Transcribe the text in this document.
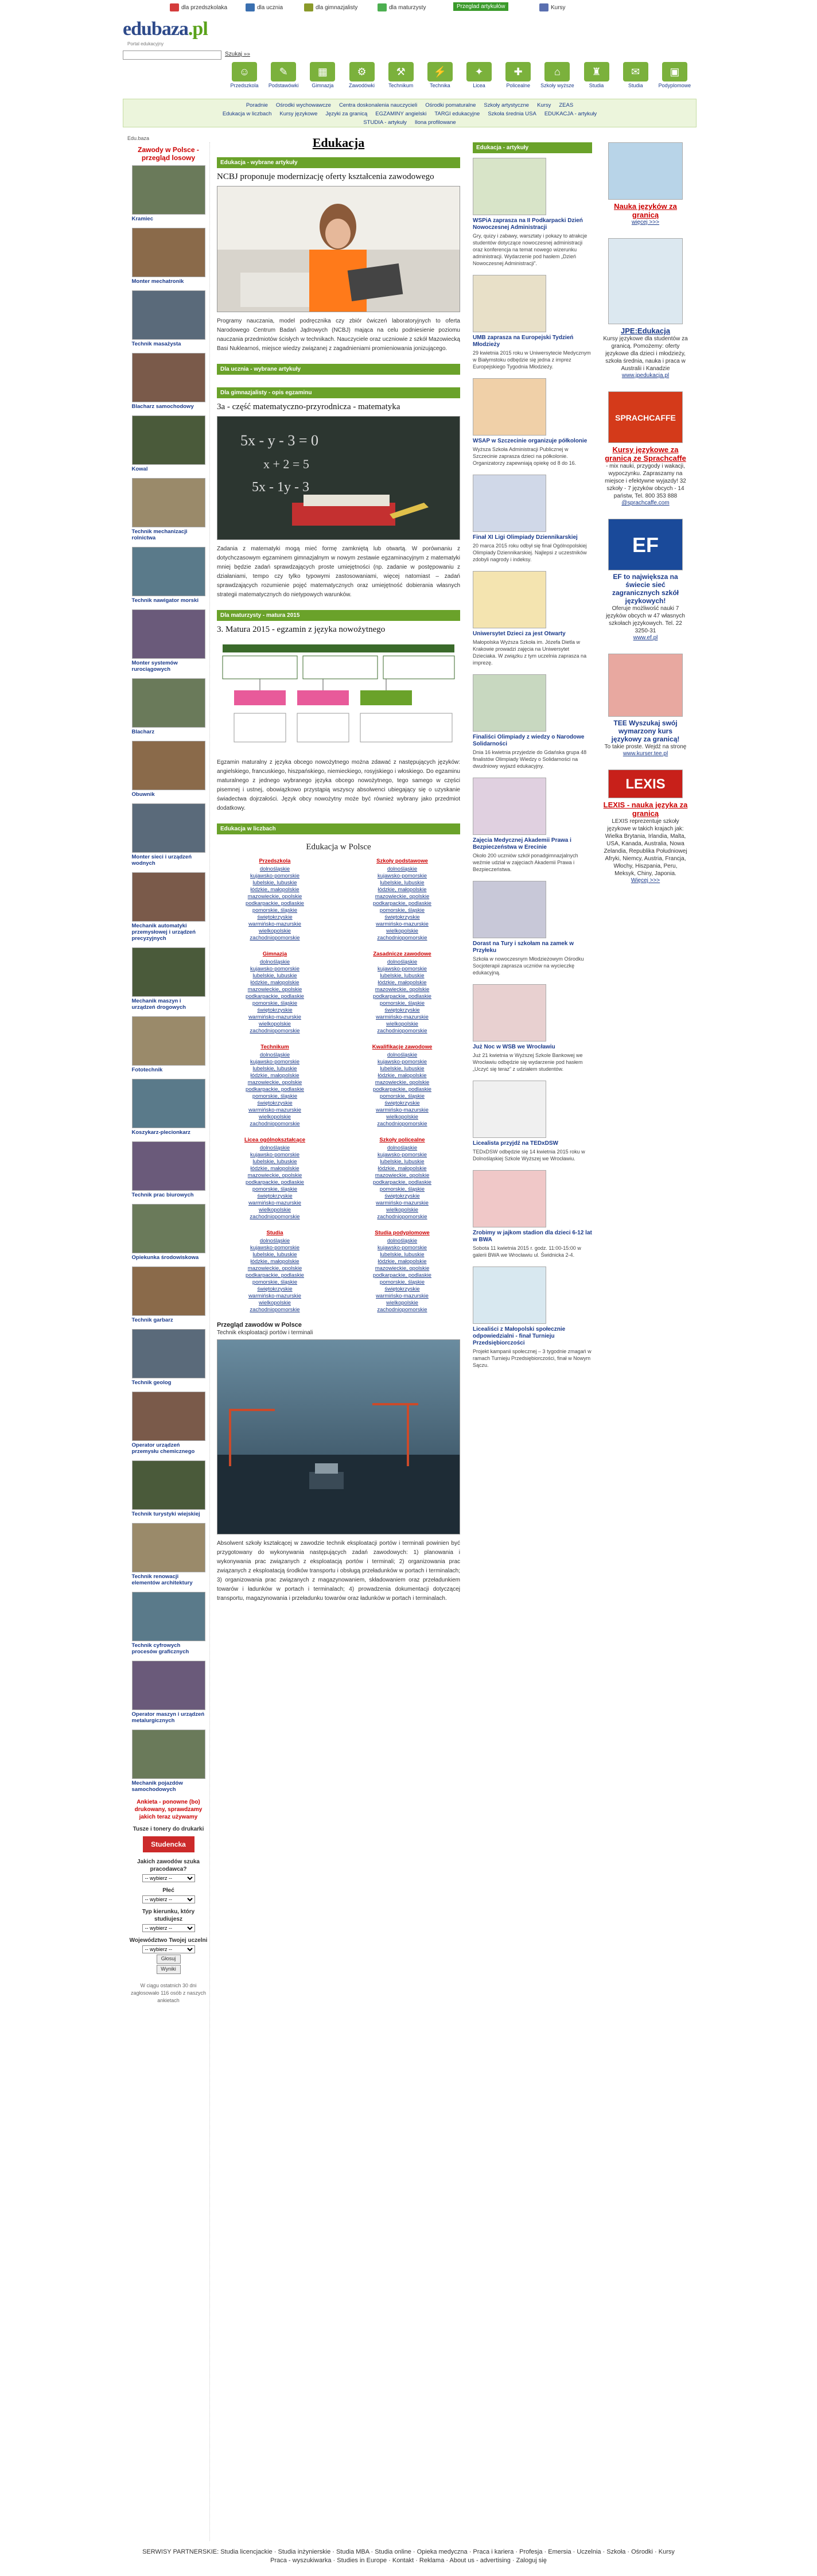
dla przedszkolaka	dla ucznia	dla gimnazjalisty	dla maturzysty	Przeglad artykułów	Kursy
edubaza.pl
Portal edukacyjny
Szukaj »»
☺
Przedszkola
✎
Podstawówki
▦
Gimnazja
⚙
Zawodówki
⚒
Technikum
⚡
Technika
✦
Licea
✚
Policealne
⌂
Szkoły wyższe
♜
Studia
✉
Studia
▣
Podyplomowe
Poradnie Ośrodki wychowawcze Centra doskonalenia nauczycieli Ośrodki pomaturalne Szkoły artystyczne Kursy ZEAS
Edukacja w liczbach Kursy językowe Języki za granicą EGZAMINY angielski TARGI edukacyjne Szkoła średnia USA EDUKACJA - artykuły
STUDIA - artykuły Ilona profilowane
Edu.baza
Zawody w Polsce - przegląd losowy
Kramiec
Monter mechatronik
Technik masażysta
Blacharz samochodowy
Kowal
Technik mechanizacji rolnictwa
Technik nawigator morski
Monter systemów rurociągowych
Blacharz
Obuwnik
Monter sieci i urządzeń wodnych
Mechanik automatyki przemysłowej i urządzeń precyzyjnych
Mechanik maszyn i urządzeń drogowych
Fototechnik
Koszykarz-plecionkarz
Technik prac biurowych
Opiekunka środowiskowa
Technik garbarz
Technik geolog
Operator urządzeń przemysłu chemicznego
Technik turystyki wiejskiej
Technik renowacji elementów architektury
Technik cyfrowych procesów graficznych
Operator maszyn i urządzeń metalurgicznych
Mechanik pojazdów samochodowych
Ankieta - ponowne (bo) drukowany, sprawdzamy jakich teraz używamy
Tusze i tonery do drukarki
Studencka
Jakich zawodów szuka pracodawca?
-- wybierz --
Płeć
-- wybierz --
Typ kierunku, który studiujesz
-- wybierz --
Województwo Twojej uczelni
-- wybierz --
Głosuj
Wyniki
W ciągu ostatnich 30 dni zagłosowało 116 osób z naszych ankietach
Edukacja
Edukacja - wybrane artykuły
NCBJ proponuje modernizację oferty kształcenia zawodowego
Programy nauczania, model podręcznika czy zbiór ćwiczeń laboratoryjnych to oferta Narodowego Centrum Badań Jądrowych (NCBJ) mająca na celu podniesienie poziomu nauczania przedmiotów ścisłych w technikach. Nauczyciele oraz uczniowie z szkół Mazowiecką Basi Nuklearnoś, miejsce wiedzy związanej z zagadnieniami promieniowania jonizującego.
Dla ucznia - wybrane artykuły
Dla gimnazjalisty - opis egzaminu
3a - część matematyczno-przyrodnicza - matematyka
5x - y - 3 = 0
x + 2 = 5
5x - 1y - 3
Zadania z matematyki mogą mieć formę zamkniętą lub otwartą. W porównaniu z dotychczasowym egzaminem gimnazjalnym w nowym zestawie egzaminacyjnym z matematyki mniej będzie zadań sprawdzających proste umiejętności (np. zadanie w postępowaniu z działaniami, tempo czy tylko typowymi zastosowaniami, więcej natomiast – zadań sprawdzających rozumienie pojęć matematycznych oraz umiejętność dobierania własnych strategii matematycznych do nietypowych warunków.
Dla maturzysty - matura 2015
3. Matura 2015 - egzamin z języka nowożytnego
Egzamin maturalny z języka obcego nowożytnego można zdawać z następujących języków: angielskiego, francuskiego, hiszpańskiego, niemieckiego, rosyjskiego i włoskiego. Do egzaminu maturalnego z jednego wybranego języka obcego nowożytnego, tego samego w części pisemnej i ustnej, obowiązkowo przystąpią wszyscy absolwenci ubiegający się o uzyskanie świadectwa dojrzałości. Język obcy nowożytny może być również wybrany jako przedmiot dodatkowy.
Edukacja w liczbach
Edukacja w Polsce
Przedszkola
dolnośląskie
kujawsko-pomorskie
lubelskie, lubuskie
łódzkie, małopolskie
mazowieckie, opolskie
podkarpackie, podlaskie
pomorskie, śląskie
świętokrzyskie
warmińsko-mazurskie
wielkopolskie
zachodniopomorskie
Szkoły podstawowe
dolnośląskie
kujawsko-pomorskie
lubelskie, lubuskie
łódzkie, małopolskie
mazowieckie, opolskie
podkarpackie, podlaskie
pomorskie, śląskie
świętokrzyskie
warmińsko-mazurskie
wielkopolskie
zachodniopomorskie
Gimnazja
dolnośląskie
kujawsko-pomorskie
lubelskie, lubuskie
łódzkie, małopolskie
mazowieckie, opolskie
podkarpackie, podlaskie
pomorskie, śląskie
świętokrzyskie
warmińsko-mazurskie
wielkopolskie
zachodniopomorskie
Zasadnicze zawodowe
dolnośląskie
kujawsko-pomorskie
lubelskie, lubuskie
łódzkie, małopolskie
mazowieckie, opolskie
podkarpackie, podlaskie
pomorskie, śląskie
świętokrzyskie
warmińsko-mazurskie
wielkopolskie
zachodniopomorskie
Technikum
dolnośląskie
kujawsko-pomorskie
lubelskie, lubuskie
łódzkie, małopolskie
mazowieckie, opolskie
podkarpackie, podlaskie
pomorskie, śląskie
świętokrzyskie
warmińsko-mazurskie
wielkopolskie
zachodniopomorskie
Kwalifikacje zawodowe
dolnośląskie
kujawsko-pomorskie
lubelskie, lubuskie
łódzkie, małopolskie
mazowieckie, opolskie
podkarpackie, podlaskie
pomorskie, śląskie
świętokrzyskie
warmińsko-mazurskie
wielkopolskie
zachodniopomorskie
Licea ogólnokształcące
dolnośląskie
kujawsko-pomorskie
lubelskie, lubuskie
łódzkie, małopolskie
mazowieckie, opolskie
podkarpackie, podlaskie
pomorskie, śląskie
świętokrzyskie
warmińsko-mazurskie
wielkopolskie
zachodniopomorskie
Szkoły policealne
dolnośląskie
kujawsko-pomorskie
lubelskie, lubuskie
łódzkie, małopolskie
mazowieckie, opolskie
podkarpackie, podlaskie
pomorskie, śląskie
świętokrzyskie
warmińsko-mazurskie
wielkopolskie
zachodniopomorskie
Studia
dolnośląskie
kujawsko-pomorskie
lubelskie, lubuskie
łódzkie, małopolskie
mazowieckie, opolskie
podkarpackie, podlaskie
pomorskie, śląskie
świętokrzyskie
warmińsko-mazurskie
wielkopolskie
zachodniopomorskie
Studia podyplomowe
dolnośląskie
kujawsko-pomorskie
lubelskie, lubuskie
łódzkie, małopolskie
mazowieckie, opolskie
podkarpackie, podlaskie
pomorskie, śląskie
świętokrzyskie
warmińsko-mazurskie
wielkopolskie
zachodniopomorskie
Przegląd zawodów w Polsce
Technik eksploatacji portów i terminali
Absolwent szkoły kształcącej w zawodzie technik eksploatacji portów i terminali powinien być przygotowany do wykonywania następujących zadań zawodowych: 1) planowania i wykonywania prac związanych z eksploatacją portów i terminali; 2) organizowania prac związanych z eksploatacją środków transportu i obsługą przeładunków w portach i terminalach; 3) organizowania prac związanych z magazynowaniem, składowaniem oraz przeładunkiem towarów i ładunków w portach i terminalach; 4) prowadzenia dokumentacji dotyczącej transportu, magazynowania i przeładunku towarów oraz ładunków w portach i terminalach.
Edukacja - artykuły
WSPiA zaprasza na II Podkarpacki Dzień Nowoczesnej Administracji
Gry, quizy i zabawy, warsztaty i pokazy to atrakcje studentów dotyczące nowoczesnej administracji oraz konferencja na temat nowego wizerunku administracji. Wydarzenie pod hasłem „Dzień Nowoczesnej Administracji”.
UMB zaprasza na Europejski Tydzień Młodzieży
29 kwietnia 2015 roku w Uniwersytecie Medycznym w Białymstoku odbędzie się jedna z imprez Europejskiego Tygodnia Młodzieży.
WSAP w Szczecinie organizuje półkolonie
Wyższa Szkoła Administracji Publicznej w Szczecinie zaprasza dzieci na półkolonie. Organizatorzy zapewniają opiekę od 8 do 16.
Finał XI Ligi Olimpiady Dziennikarskiej
20 marca 2015 roku odbył się finał Ogólnopolskiej Olimpiady Dziennikarskiej. Najlepsi z uczestników zdobyli nagrody i indeksy.
Uniwersytet Dzieci za jest Otwarty
Małopolska Wyższa Szkoła im. Józefa Dietla w Krakowie prowadzi zajęcia na Uniwersytet Dzieciaka. W związku z tym uczelnia zaprasza na imprezę.
Finaliści Olimpiady z wiedzy o Narodowe Solidarności
Dnia 16 kwietnia przyjedzie do Gdańska grupa 48 finalistów Olimpiady Wiedzy o Solidarności na dwudniowy wyjazd edukacyjny.
Zajęcia Medycznej Akademii Prawa i Bezpieczeństwa w Erecinie
Około 200 uczniów szkół ponadgimnazjalnych weźmie udział w zajęciach Akademii Prawa i Bezpieczeństwa.
Dorast na Tury i szkołam na zamek w Przyłeku
Szkoła w nowoczesnym Młodzieżowym Ośrodku Socjoterapii zaprasza uczniów na wycieczkę edukacyjną.
Już Noc w WSB we Wrocławiu
Już 21 kwietnia w Wyższej Szkole Bankowej we Wrocławiu odbędzie się wydarzenie pod hasłem „Uczyć się teraz” z udziałem studentów.
Licealista przyjdź na TEDxDSW
TEDxDSW odbędzie się 14 kwietnia 2015 roku w Dolnośląskiej Szkole Wyższej we Wrocławiu.
Zrobimy w jajkom stadion dla dzieci 6-12 lat w BWA
Sobota 11 kwietnia 2015 r. godz. 11:00-15:00 w galerii BWA we Wrocławiu ul. Świdnicka 2-4.
Licealiści z Małopolski społecznie odpowiedzialni - finał Turnieju Przedsiębiorczości
Projekt kampanii społecznej – 3 tygodnie zmagań w ramach Turnieju Przedsiębiorczości, finał w Nowym Sączu.
Nauka języków za granicą
więcej >>>
JPE:Edukacja
Kursy językowe dla studentów za granicą. Pomożemy: oferty językowe dla dzieci i młodzieży, szkoła średnia, nauka i praca w Australii i Kanadzie
www.jpedukacja.pl
SPRACHCAFFE
Kursy językowe za granicą ze Sprachcaffe
- mix nauki, przygody i wakacji, wypoczynku. Zapraszamy na miejsce i efektywne wyjazdy! 32 szkoły - 7 języków obcych - 14 państw, Tel. 800 353 888
@sprachcaffe.com
EF
EF to największa na świecie sieć zagranicznych szkół językowych!
Oferuje możliwość nauki 7 języków obcych w 47 własnych szkołach językowych. Tel. 22 3250-31
www.ef.pl
TEE Wyszukaj swój wymarzony kurs językowy za granicą!
To takie proste. Wejdź na stronę
www.kurser.tee.pl
LEXIS
LEXIS - nauka języka za granicą
LEXIS reprezentuje szkoły językowe w takich krajach jak: Wielka Brytania, Irlandia, Malta, USA, Kanada, Australia, Nowa Zelandia, Republika Południowej Afryki, Niemcy, Austria, Francja, Włochy, Hiszpania, Peru, Meksyk, Chiny, Japonia.
Więcej >>>
SERWISY PARTNERSKIE: Studia licencjackie · Studia inżynierskie · Studia MBA · Studia online · Opieka medyczna · Praca i kariera · Profesja · Emersia · Uczelnia · Szkoła · Ośrodki · Kursy
Praca - wyszukiwarka · Studies in Europe · Kontakt · Reklama · About us - advertising · Zaloguj się
